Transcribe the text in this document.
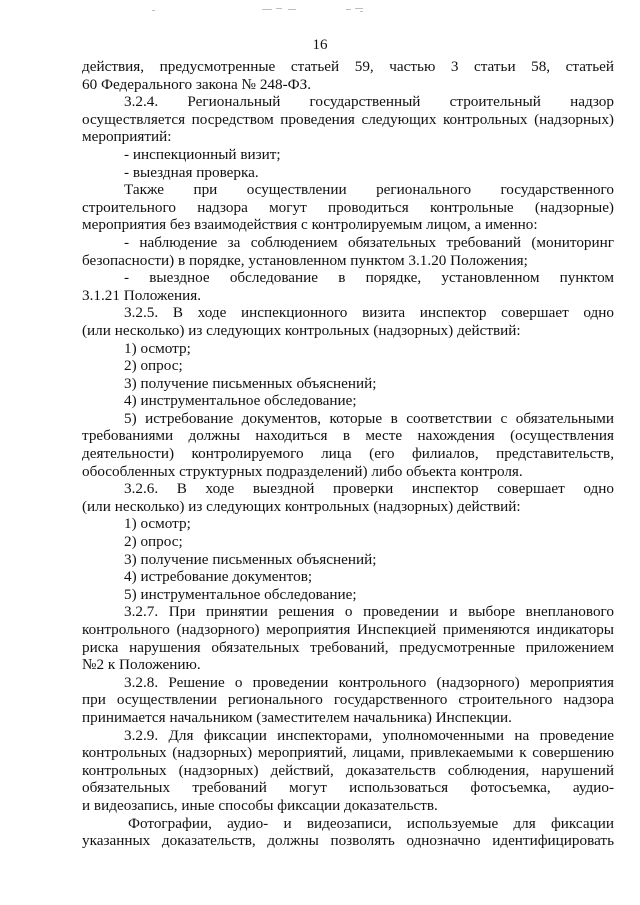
16
действия, предусмотренные статьей 59, частью 3 статьи 58, статьей
60 Федерального закона № 248-ФЗ.
3.2.4. Региональный государственный строительный надзор
осуществляется посредством проведения следующих контрольных (надзорных)
мероприятий:
- инспекционный визит;
- выездная проверка.
Также при осуществлении регионального государственного
строительного надзора могут проводиться контрольные (надзорные)
мероприятия без взаимодействия с контролируемым лицом, а именно:
- наблюдение за соблюдением обязательных требований (мониторинг
безопасности) в порядке, установленном пунктом 3.1.20 Положения;
- выездное обследование в порядке, установленном пунктом
3.1.21 Положения.
3.2.5. В ходе инспекционного визита инспектор совершает одно
(или несколько) из следующих контрольных (надзорных) действий:
1) осмотр;
2) опрос;
3) получение письменных объяснений;
4) инструментальное обследование;
5) истребование документов, которые в соответствии с обязательными
требованиями должны находиться в месте нахождения (осуществления
деятельности) контролируемого лица (его филиалов, представительств,
обособленных структурных подразделений) либо объекта контроля.
3.2.6. В ходе выездной проверки инспектор совершает одно
(или несколько) из следующих контрольных (надзорных) действий:
1) осмотр;
2) опрос;
3) получение письменных объяснений;
4) истребование документов;
5) инструментальное обследование;
3.2.7. При принятии решения о проведении и выборе внепланового
контрольного (надзорного) мероприятия Инспекцией применяются индикаторы
риска нарушения обязательных требований, предусмотренные приложением
№2 к Положению.
3.2.8. Решение о проведении контрольного (надзорного) мероприятия
при осуществлении регионального государственного строительного надзора
принимается начальником (заместителем начальника) Инспекции.
3.2.9. Для фиксации инспекторами, уполномоченными на проведение
контрольных (надзорных) мероприятий, лицами, привлекаемыми к совершению
контрольных (надзорных) действий, доказательств соблюдения, нарушений
обязательных требований могут использоваться фотосъемка, аудио-
и видеозапись, иные способы фиксации доказательств.
Фотографии, аудио- и видеозаписи, используемые для фиксации
указанных доказательств, должны позволять однозначно идентифицировать
